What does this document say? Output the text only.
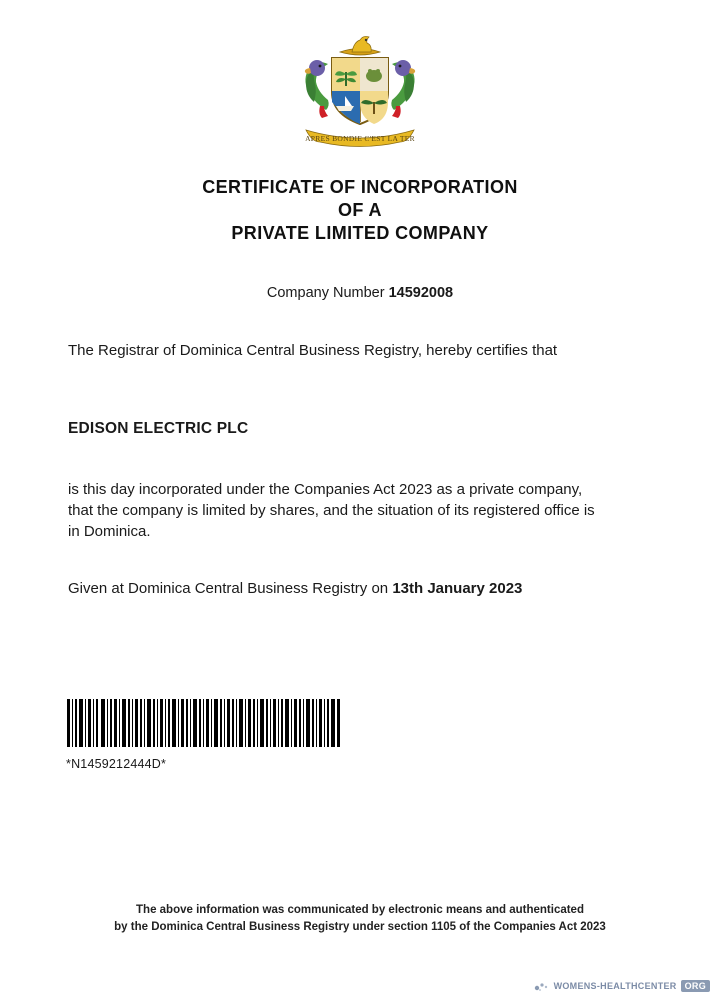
APRES BONDIE C'EST LA TER
CERTIFICATE OF INCORPORATION
OF A
PRIVATE LIMITED COMPANY
Company Number 14592008
The Registrar of Dominica Central Business Registry, hereby certifies that
EDISON ELECTRIC PLC
is this day incorporated under the Companies Act 2023 as a private company, that the company is limited by shares, and the situation of its registered office is in Dominica.
Given at Dominica Central Business Registry on 13th January 2023
*N1459212444D*
The above information was communicated by electronic means and authenticated
by the Dominica Central Business Registry under section 1105 of the Companies Act 2023
WOMENS-HEALTHCENTER ORG
